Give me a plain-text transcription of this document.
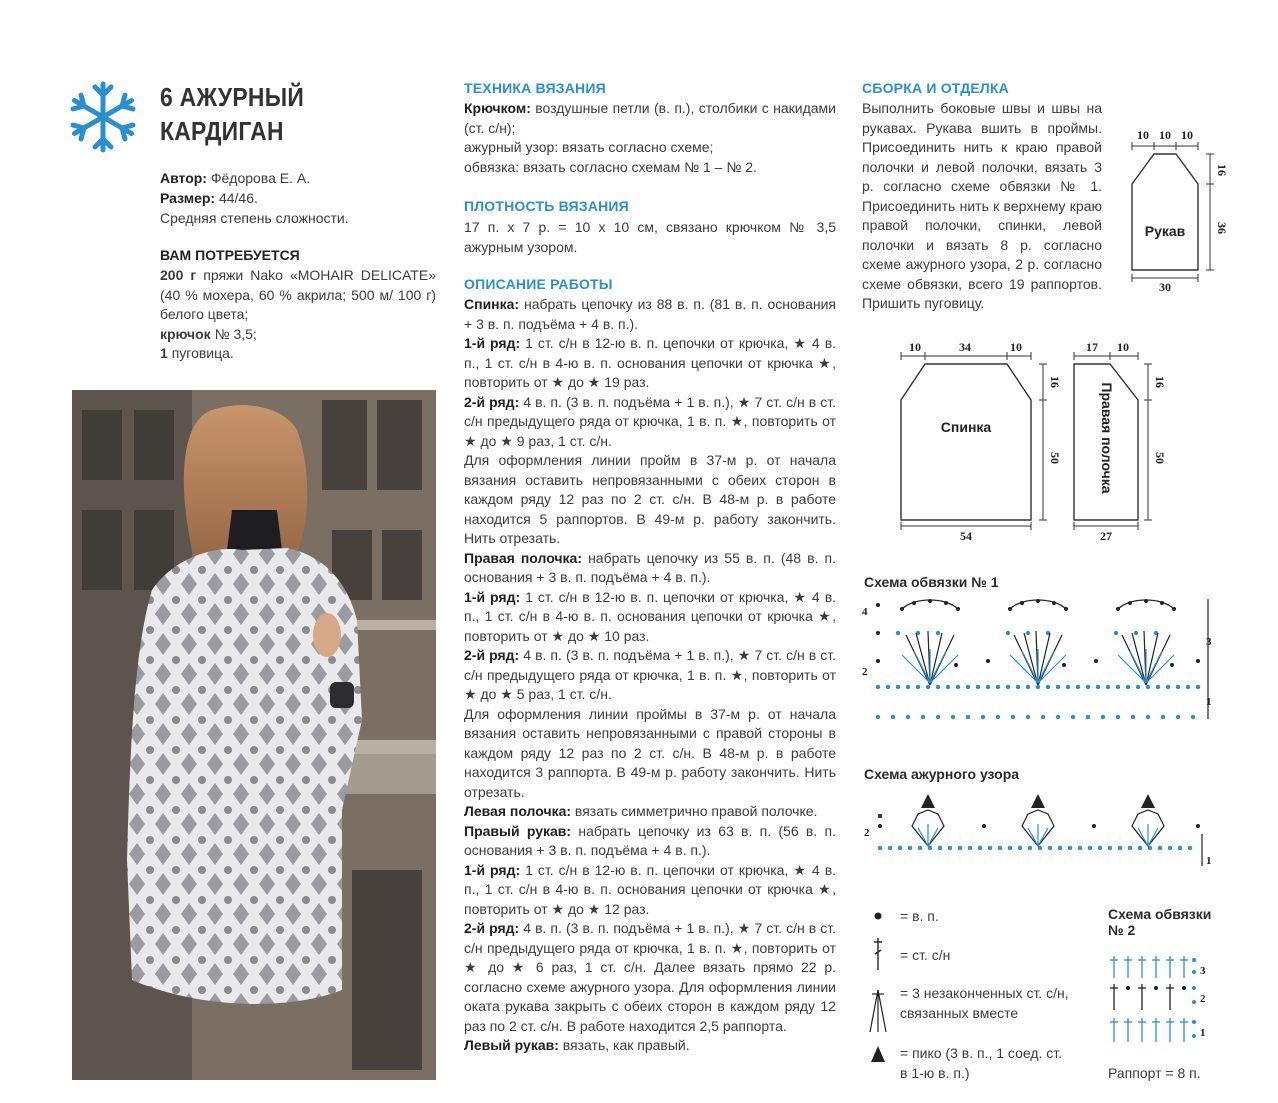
6 АЖУРНЫЙ
КАРДИГАН
Автор: Фёдорова Е. А.
Размер: 44/46.
Средняя степень сложности.
ВАМ ПОТРЕБУЕТСЯ

200 г пряжи Nako «MOHAIR DELICATE» (40 % мохера, 60 % акрила; 500 м/ 100 г) белого цвета;

крючок № 3,5;

1 пуговица.

ТЕХНИКА ВЯЗАНИЯ

Крючком: воздушные петли (в. п.), столбики с накидами (ст. с/н);

ажурный узор: вязать согласно схеме;

обвязка: вязать согласно схемам № 1 – № 2.

ПЛОТНОСТЬ ВЯЗАНИЯ

17 п. х 7 р. = 10 х 10 см, связано крючком № 3,5 ажурным узором.

ОПИСАНИЕ РАБОТЫ

Спинка: набрать цепочку из 88 в. п. (81 в. п. основания + 3 в. п. подъёма + 4 в. п.).

1-й ряд: 1 ст. с/н в 12-ю в. п. цепочки от крючка, ★ 4 в. п., 1 ст. с/н в 4-ю в. п. основания цепочки от крючка ★, повторить от ★ до ★ 19 раз.

2-й ряд: 4 в. п. (3 в. п. подъёма + 1 в. п.), ★ 7 ст. с/н в ст. с/н предыдущего ряда от крючка, 1 в. п. ★, повторить от ★ до ★ 9 раз, 1 ст. с/н.

Для оформления линии пройм в 37-м р. от начала вязания оставить непровязанными с обеих сторон в каждом ряду 12 раз по 2 ст. с/н. В 48-м р. в работе находится 5 раппортов. В 49-м р. работу закончить. Нить отрезать.

Правая полочка: набрать цепочку из 55 в. п. (48 в. п. основания + 3 в. п. подъёма + 4 в. п.).

1-й ряд: 1 ст. с/н в 12-ю в. п. цепочки от крючка, ★ 4 в. п., 1 ст. с/н в 4-ю в. п. основания цепочки от крючка ★, повторить от ★ до ★ 10 раз.

2-й ряд: 4 в. п. (3 в. п. подъёма + 1 в. п.), ★ 7 ст. с/н в ст. с/н предыдущего ряда от крючка, 1 в. п. ★, повторить от ★ до ★ 5 раз, 1 ст. с/н.

Для оформления линии проймы в 37-м р. от начала вязания оставить непровязанными с правой стороны в каждом ряду 12 раз по 2 ст. с/н. В 48-м р. в работе находится 3 раппорта. В 49-м р. работу закончить. Нить отрезать.

Левая полочка: вязать симметрично правой полочке.

Правый рукав: набрать цепочку из 63 в. п. (56 в. п. основания + 3 в. п. подъёма + 4 в. п.).

1-й ряд: 1 ст. с/н в 12-ю в. п. цепочки от крючка, ★ 4 в. п., 1 ст. с/н в 4-ю в. п. основания цепочки от крючка ★, повторить от ★ до ★ 12 раз.

2-й ряд: 4 в. п. (3 в. п. подъёма + 1 в. п.), ★ 7 ст. с/н в ст. с/н предыдущего ряда от крючка, 1 в. п. ★, повторить от ★ до ★ 6 раз, 1 ст. с/н. Далее вязать прямо 22 р. согласно схеме ажурного узора. Для оформления линии оката рукава закрыть с обеих сторон в каждом ряду 12 раз по 2 ст. с/н. В работе находится 2,5 раппорта.

Левый рукав: вязать, как правый.

СБОРКА И ОТДЕЛКА

Выполнить боковые швы и швы на рукавах. Рукава вшить в проймы. Присоединить нить к краю правой полочки и левой полочки, вязать 3 р. согласно схеме обвязки № 1. Присоединить нить к верхнему краю правой полочки, спинки, левой полочки и вязать 8 р. согласно схеме ажурного узора, 2 р. согласно схеме обвязки, всего 19 раппортов. Пришить пуговицу.

10 10 10
16
36
30
Рукав
10	34	10
16
50
54
Спинка
17 10
16
50
27
Правая полочка
Схема обвязки № 1
4
3
2
1
Схема ажурного узора
2
1
= в. п.
= ст. с/н
= 3 незаконченных ст. с/н,
связанных вместе
= пико (3 в. п., 1 соед. ст.
в 1-ю в. п.)
Схема обвязки
№ 2
3
2
1
Раппорт = 8 п.
